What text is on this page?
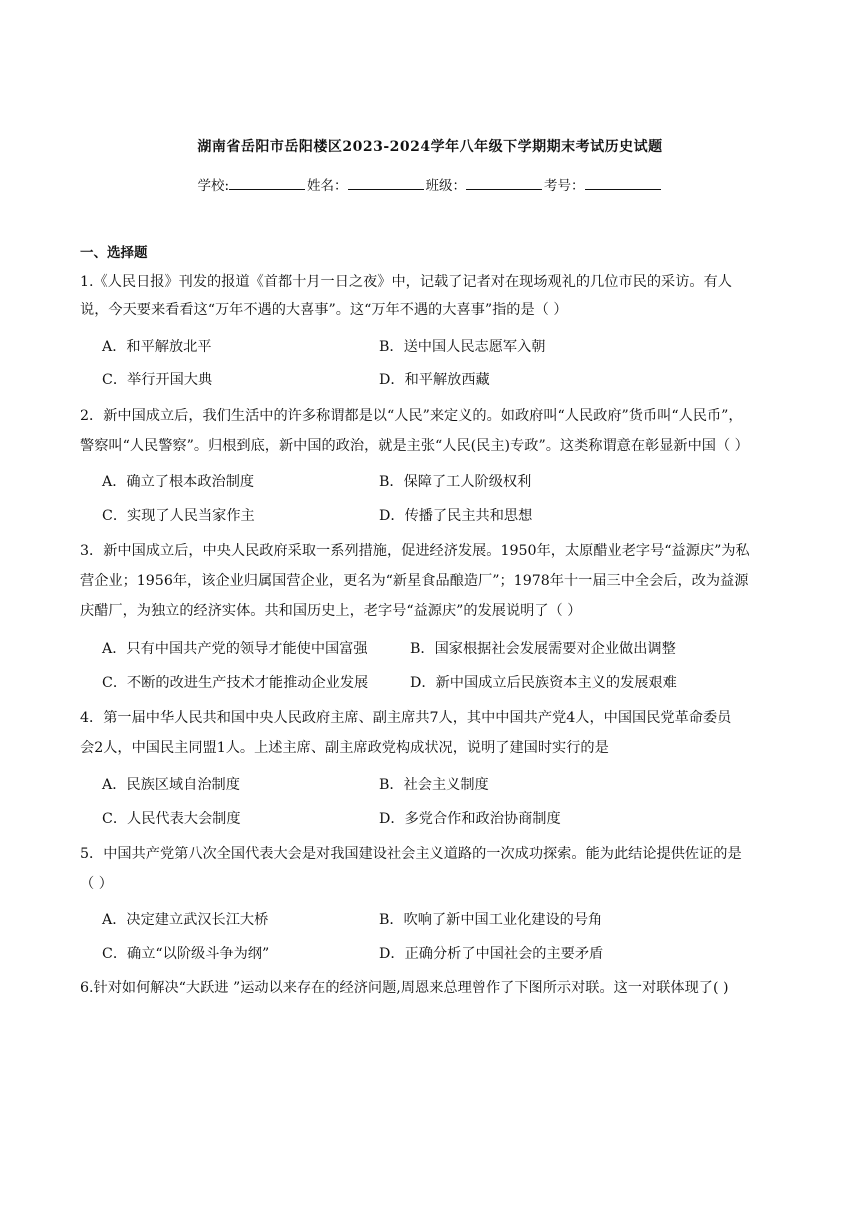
湖南省岳阳市岳阳楼区2023-2024学年八年级下学期期末考试历史试题
学校:	姓名：	班级：	考号：
一、选择题
1.《人民日报》刊发的报道《首都十月一日之夜》中，记载了记者对在现场观礼的几位市民的采访。有人
说，今天要来看看这“万年不遇的大喜事”。这“万年不遇的大喜事”指的是（ ）
A．和平解放北平	B．送中国人民志愿军入朝
C．举行开国大典	D．和平解放西藏
2．新中国成立后，我们生活中的许多称谓都是以“人民”来定义的。如政府叫“人民政府”货币叫“人民币”，
警察叫“人民警察”。归根到底，新中国的政治，就是主张“人民(民主)专政”。这类称谓意在彰显新中国（ ）
A．确立了根本政治制度	B．保障了工人阶级权利
C．实现了人民当家作主	D．传播了民主共和思想
3．新中国成立后，中央人民政府采取一系列措施，促进经济发展。1950年，太原醋业老字号“益源庆”为私
营企业；1956年，该企业归属国营企业，更名为“新星食品酿造厂”；1978年十一届三中全会后，改为益源
庆醋厂，为独立的经济实体。共和国历史上，老字号“益源庆”的发展说明了（ ）
A．只有中国共产党的领导才能使中国富强	B．国家根据社会发展需要对企业做出调整
C．不断的改进生产技术才能推动企业发展	D．新中国成立后民族资本主义的发展艰难
4．第一届中华人民共和国中央人民政府主席、副主席共7人，其中中国共产党4人，中国国民党革命委员
会2人，中国民主同盟1人。上述主席、副主席政党构成状况，说明了建国时实行的是
A．民族区域自治制度	B．社会主义制度
C．人民代表大会制度	D．多党合作和政治协商制度
5．中国共产党第八次全国代表大会是对我国建设社会主义道路的一次成功探索。能为此结论提供佐证的是
（ ）
A．决定建立武汉长江大桥	B．吹响了新中国工业化建设的号角
C．确立“以阶级斗争为纲”	D．正确分析了中国社会的主要矛盾
6.针对如何解决“大跃进 ”运动以来存在的经济问题,周恩来总理曾作了下图所示对联。这一对联体现了( )
